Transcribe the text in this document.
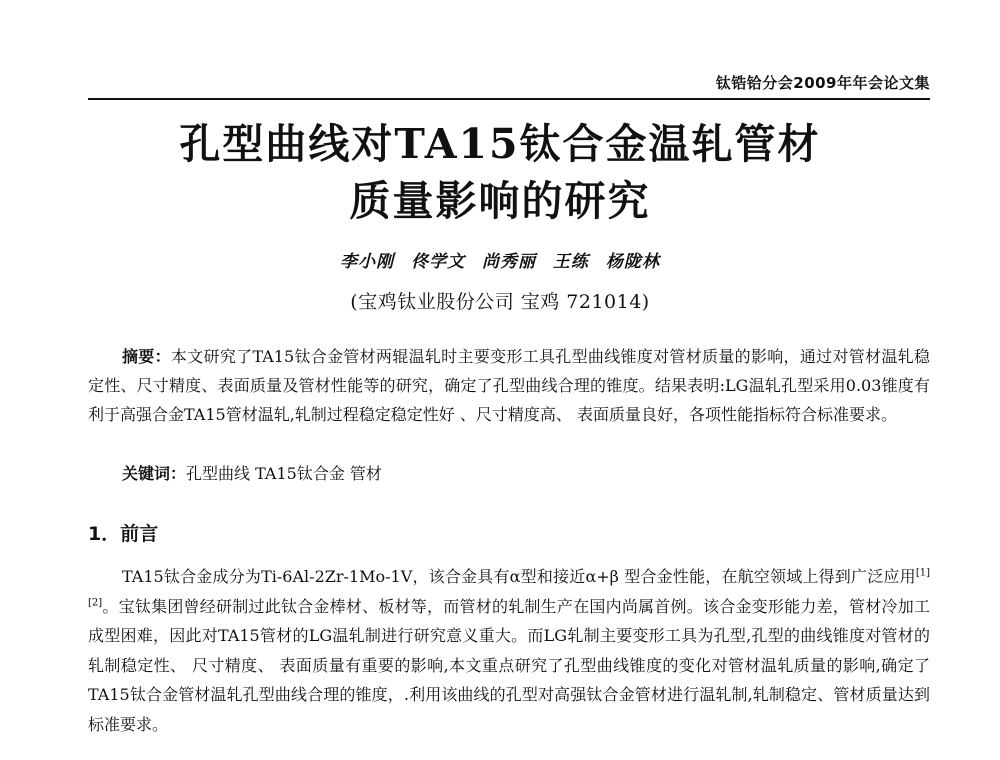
钛锆铪分会2009年年会论文集
孔型曲线对TA15钛合金温轧管材
质量影响的研究
李小刚 佟学文 尚秀丽 王练 杨陇林
(宝鸡钛业股份公司 宝鸡 721014)

摘要：本文研究了TA15钛合金管材两辊温轧时主要变形工具孔型曲线锥度对管材质量的影响，通过对管材温轧稳定性、尺寸精度、表面质量及管材性能等的研究，确定了孔型曲线合理的锥度。结果表明:LG温轧孔型采用0.03锥度有利于高强合金TA15管材温轧,轧制过程稳定稳定性好 、尺寸精度高、 表面质量良好，各项性能指标符合标准要求。

关键词：孔型曲线 TA15钛合金 管材

1．前言

TA15钛合金成分为Ti-6Al-2Zr-1Mo-1V，该合金具有α型和接近α+β 型合金性能，在航空领域上得到广泛应用[1][2]。宝钛集团曾经研制过此钛合金棒材、板材等，而管材的轧制生产在国内尚属首例。该合金变形能力差，管材冷加工成型困难，因此对TA15管材的LG温轧制进行研究意义重大。而LG轧制主要变形工具为孔型,孔型的曲线锥度对管材的轧制稳定性、 尺寸精度、 表面质量有重要的影响,本文重点研究了孔型曲线锥度的变化对管材温轧质量的影响,确定了TA15钛合金管材温轧孔型曲线合理的锥度，.利用该曲线的孔型对高强钛合金管材进行温轧制,轧制稳定、管材质量达到标准要求。
